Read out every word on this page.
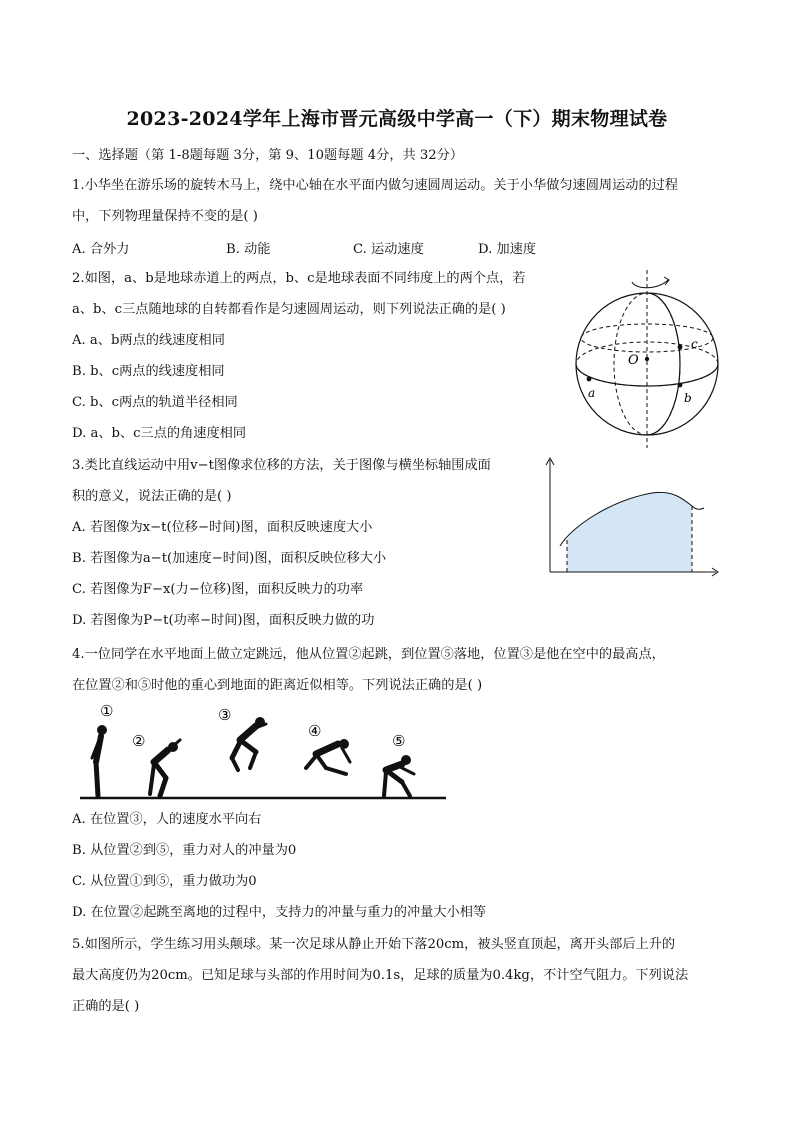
2023-2024学年上海市晋元高级中学高一（下）期末物理试卷
一、选择题（第 1-8题每题 3分，第 9、10题每题 4分，共 32分）
1.小华坐在游乐场的旋转木马上，绕中心轴在水平面内做匀速圆周运动。关于小华做匀速圆周运动的过程
中，下列物理量保持不变的是( )
A. 合外力	B. 动能	C. 运动速度	D. 加速度
2.如图，a、b是地球赤道上的两点，b、c是地球表面不同纬度上的两个点，若
a、b、c三点随地球的自转都看作是匀速圆周运动，则下列说法正确的是( )
A. a、b两点的线速度相同
B. b、c两点的线速度相同
C. b、c两点的轨道半径相同
D. a、b、c三点的角速度相同
O
a	b
c
3.类比直线运动中用v−t图像求位移的方法，关于图像与横坐标轴围成面
积的意义，说法正确的是( )
A. 若图像为x−t(位移−时间)图，面积反映速度大小
B. 若图像为a−t(加速度−时间)图，面积反映位移大小
C. 若图像为F−x(力−位移)图，面积反映力的功率
D. 若图像为P−t(功率−时间)图，面积反映力做的功
4.一位同学在水平地面上做立定跳远，他从位置②起跳，到位置⑤落地，位置③是他在空中的最高点，
在位置②和⑤时他的重心到地面的距离近似相等。下列说法正确的是( )
①
②
③
④
⑤
A. 在位置③，人的速度水平向右
B. 从位置②到⑤，重力对人的冲量为0
C. 从位置①到⑤，重力做功为0
D. 在位置②起跳至离地的过程中，支持力的冲量与重力的冲量大小相等
5.如图所示，学生练习用头颠球。某一次足球从静止开始下落20cm，被头竖直顶起，离开头部后上升的
最大高度仍为20cm。已知足球与头部的作用时间为0.1s，足球的质量为0.4kg，不计空气阻力。下列说法
正确的是( )
